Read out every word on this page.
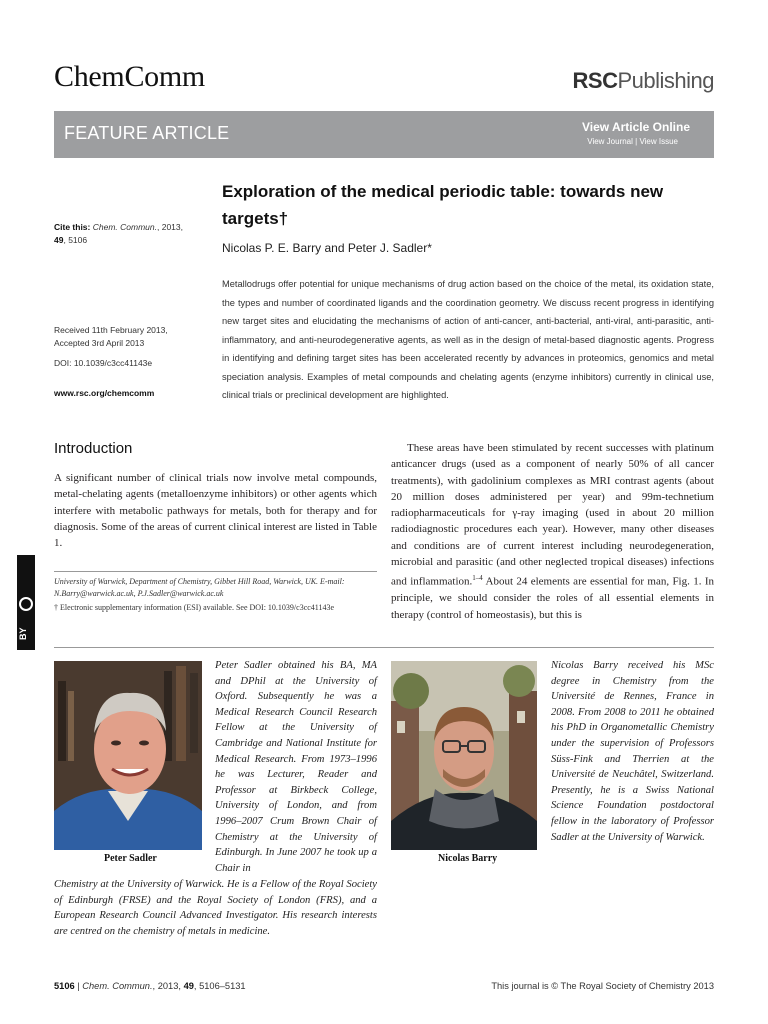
ChemComm	RSCPublishing
FEATURE ARTICLE	View Article Online
View Journal | View Issue
Exploration of the medical periodic table: towards new targets†
Nicolas P. E. Barry and Peter J. Sadler*
Cite this: Chem. Commun., 2013,
49, 5106
Received 11th February 2013,
Accepted 3rd April 2013
DOI: 10.1039/c3cc41143e
www.rsc.org/chemcomm
Metallodrugs offer potential for unique mechanisms of drug action based on the choice of the metal, its oxidation state, the types and number of coordinated ligands and the coordination geometry. We discuss recent progress in identifying new target sites and elucidating the mechanisms of action of anti-cancer, anti-bacterial, anti-viral, anti-parasitic, anti-inflammatory, and anti-neurodegenerative agents, as well as in the design of metal-based diagnostic agents. Progress in identifying and defining target sites has been accelerated recently by advances in proteomics, genomics and metal speciation analysis. Examples of metal compounds and chelating agents (enzyme inhibitors) currently in clinical use, clinical trials or preclinical development are highlighted.
Introduction
A significant number of clinical trials now involve metal compounds, metal-chelating agents (metalloenzyme inhibitors) or other agents which interfere with metabolic pathways for metals, both for therapy and for diagnosis. Some of the areas of current clinical interest are listed in Table 1.
These areas have been stimulated by recent successes with platinum anticancer drugs (used as a component of nearly 50% of all cancer treatments), with gadolinium complexes as MRI contrast agents (about 20 million doses administered per year) and 99m-technetium radiopharmaceuticals for γ-ray imaging (used in about 20 million radiodiagnostic procedures each year). However, many other diseases and conditions are of current interest including neurodegeneration, microbial and parasitic (and other neglected tropical diseases) infections and inflammation.$^{1-4}$ About 24 elements are essential for man, Fig. 1. In principle, we should consider the roles of all essential elements in therapy (control of homeostasis), but this is
University of Warwick, Department of Chemistry, Gibbet Hill Road, Warwick, UK. E-mail: N.Barry@warwick.ac.uk, P.J.Sadler@warwick.ac.uk
† Electronic supplementary information (ESI) available. See DOI: 10.1039/c3cc41143e
BY
Peter Sadler
Peter Sadler obtained his BA, MA and DPhil at the University of Oxford. Subsequently he was a Medical Research Council Research Fellow at the University of Cambridge and National Institute for Medical Research. From 1973–1996 he was Lecturer, Reader and Professor at Birkbeck College, University of London, and from 1996–2007 Crum Brown Chair of Chemistry at the University of Edinburgh. In June 2007 he took up a Chair in
Chemistry at the University of Warwick. He is a Fellow of the Royal Society of Edinburgh (FRSE) and the Royal Society of London (FRS), and a European Research Council Advanced Investigator. His research interests are centred on the chemistry of metals in medicine.
Nicolas Barry
Nicolas Barry received his MSc degree in Chemistry from the Université de Rennes, France in 2008. From 2008 to 2011 he obtained his PhD in Organometallic Chemistry under the supervision of Professors Süss-Fink and Therrien at the Université de Neuchâtel, Switzerland. Presently, he is a Swiss National Science Foundation postdoctoral fellow in the laboratory of Professor Sadler at the University of Warwick.
5106 | Chem. Commun., 2013, 49, 5106–5131	This journal is © The Royal Society of Chemistry 2013
